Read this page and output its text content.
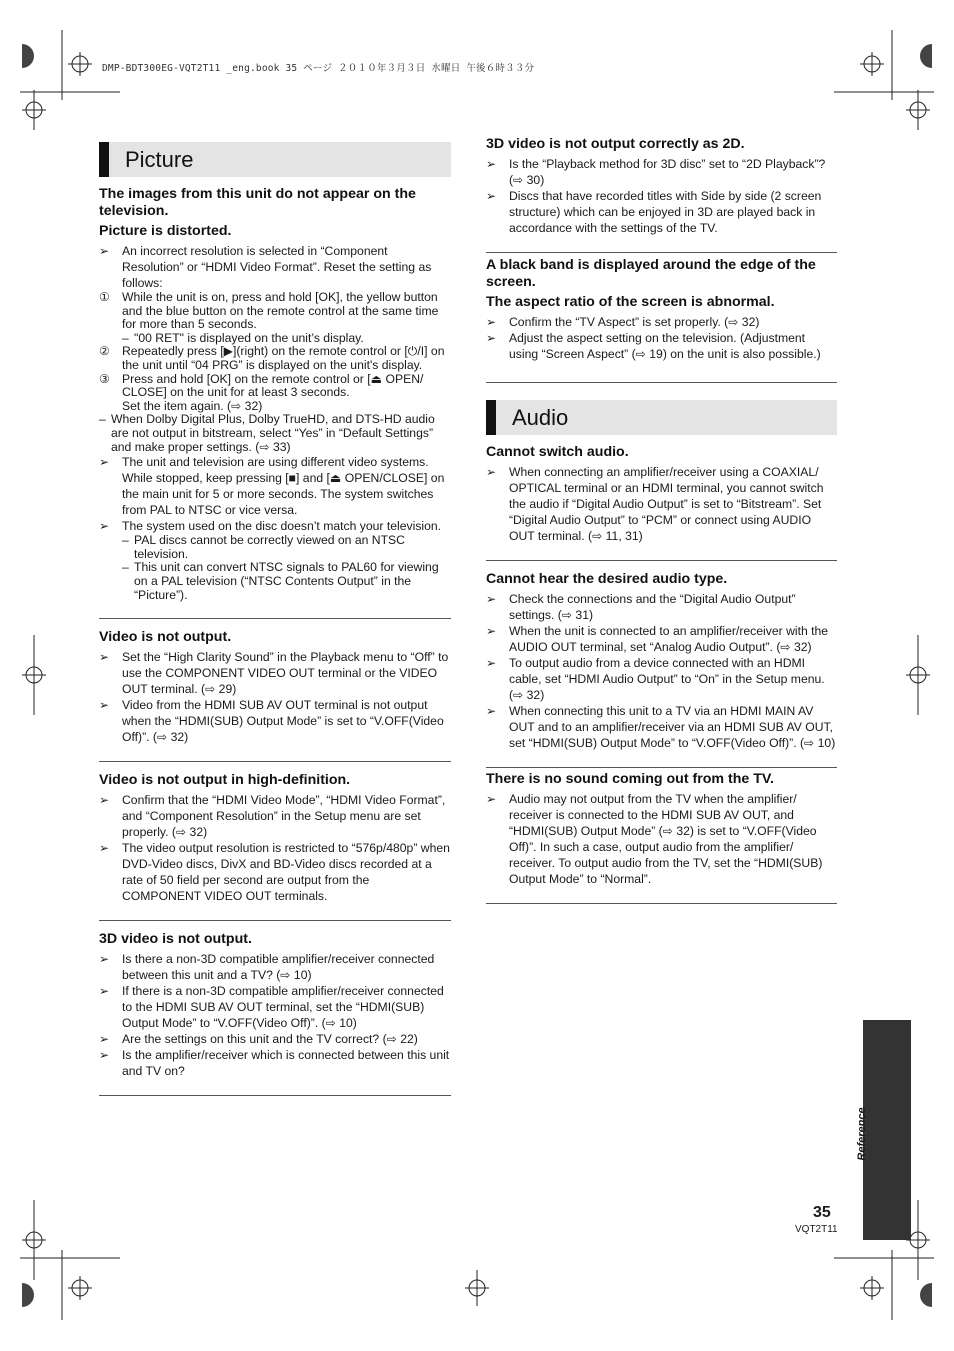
DMP-BDT300EG-VQT2T11 _eng.book 35 ページ ２０１０年３月３日 水曜日 午後６時３３分
Picture
The images from this unit do not appear on the television.
Picture is distorted.
➢	An incorrect resolution is selected in “Component Resolution” or “HDMI Video Format”. Reset the setting as follows:
① While the unit is on, press and hold [OK], the yellow button and the blue button on the remote control at the same time for more than 5 seconds.
– "00 RET" is displayed on the unit’s display.
② Repeatedly press [▶](right) on the remote control or [⏻/I] on the unit until “04 PRG” is displayed on the unit's display.
③ Press and hold [OK] on the remote control or [⏏ OPEN/ CLOSE] on the unit for at least 3 seconds.
Set the item again. (⇨ 32)
– When Dolby Digital Plus, Dolby TrueHD, and DTS-HD audio are not output in bitstream, select “Yes” in “Default Settings” and make proper settings. (⇨ 33)
➢	The unit and television are using different video systems. While stopped, keep pressing [■] and [⏏ OPEN/CLOSE] on the main unit for 5 or more seconds. The system switches from PAL to NTSC or vice versa.
➢	The system used on the disc doesn’t match your television.
– PAL discs cannot be correctly viewed on an NTSC television.
– This unit can convert NTSC signals to PAL60 for viewing on a PAL television (“NTSC Contents Output” in the “Picture”).
Video is not output.
➢	Set the “High Clarity Sound” in the Playback menu to “Off” to use the COMPONENT VIDEO OUT terminal or the VIDEO OUT terminal. (⇨ 29)
➢	Video from the HDMI SUB AV OUT terminal is not output when the “HDMI(SUB) Output Mode” is set to “V.OFF(Video Off)”. (⇨ 32)
Video is not output in high-definition.
➢	Confirm that the “HDMI Video Mode”, “HDMI Video Format”, and “Component Resolution” in the Setup menu are set properly. (⇨ 32)
➢	The video output resolution is restricted to “576p/480p” when DVD-Video discs, DivX and BD-Video discs recorded at a rate of 50 field per second are output from the COMPONENT VIDEO OUT terminals.
3D video is not output.
➢	Is there a non-3D compatible amplifier/receiver connected between this unit and a TV? (⇨ 10)
➢	If there is a non-3D compatible amplifier/receiver connected to the HDMI SUB AV OUT terminal, set the “HDMI(SUB) Output Mode” to “V.OFF(Video Off)”. (⇨ 10)
➢	Are the settings on this unit and the TV correct? (⇨ 22)
➢	Is the amplifier/receiver which is connected between this unit and TV on?
3D video is not output correctly as 2D.
➢	Is the “Playback method for 3D disc” set to “2D Playback”? (⇨ 30)
➢	Discs that have recorded titles with Side by side (2 screen structure) which can be enjoyed in 3D are played back in accordance with the settings of the TV.
A black band is displayed around the edge of the screen.
The aspect ratio of the screen is abnormal.
➢	Confirm the “TV Aspect” is set properly. (⇨ 32)
➢	Adjust the aspect setting on the television. (Adjustment using “Screen Aspect” (⇨ 19) on the unit is also possible.)
Audio
Cannot switch audio.
➢	When connecting an amplifier/receiver using a COAXIAL/ OPTICAL terminal or an HDMI terminal, you cannot switch the audio if “Digital Audio Output” is set to “Bitstream”. Set “Digital Audio Output” to “PCM” or connect using AUDIO OUT terminal. (⇨ 11, 31)
Cannot hear the desired audio type.
➢	Check the connections and the “Digital Audio Output” settings. (⇨ 31)
➢	When the unit is connected to an amplifier/receiver with the AUDIO OUT terminal, set “Analog Audio Output”. (⇨ 32)
➢	To output audio from a device connected with an HDMI cable, set “HDMI Audio Output” to “On” in the Setup menu. (⇨ 32)
➢	When connecting this unit to a TV via an HDMI MAIN AV OUT and to an amplifier/receiver via an HDMI SUB AV OUT, set “HDMI(SUB) Output Mode” to “V.OFF(Video Off)”. (⇨ 10)
There is no sound coming out from the TV.
➢	Audio may not output from the TV when the amplifier/ receiver is connected to the HDMI SUB AV OUT, and “HDMI(SUB) Output Mode” (⇨ 32) is set to “V.OFF(Video Off)”. In such a case, output audio from the amplifier/ receiver. To output audio from the TV, set the “HDMI(SUB) Output Mode” to “Normal”.
Reference
35
VQT2T11
